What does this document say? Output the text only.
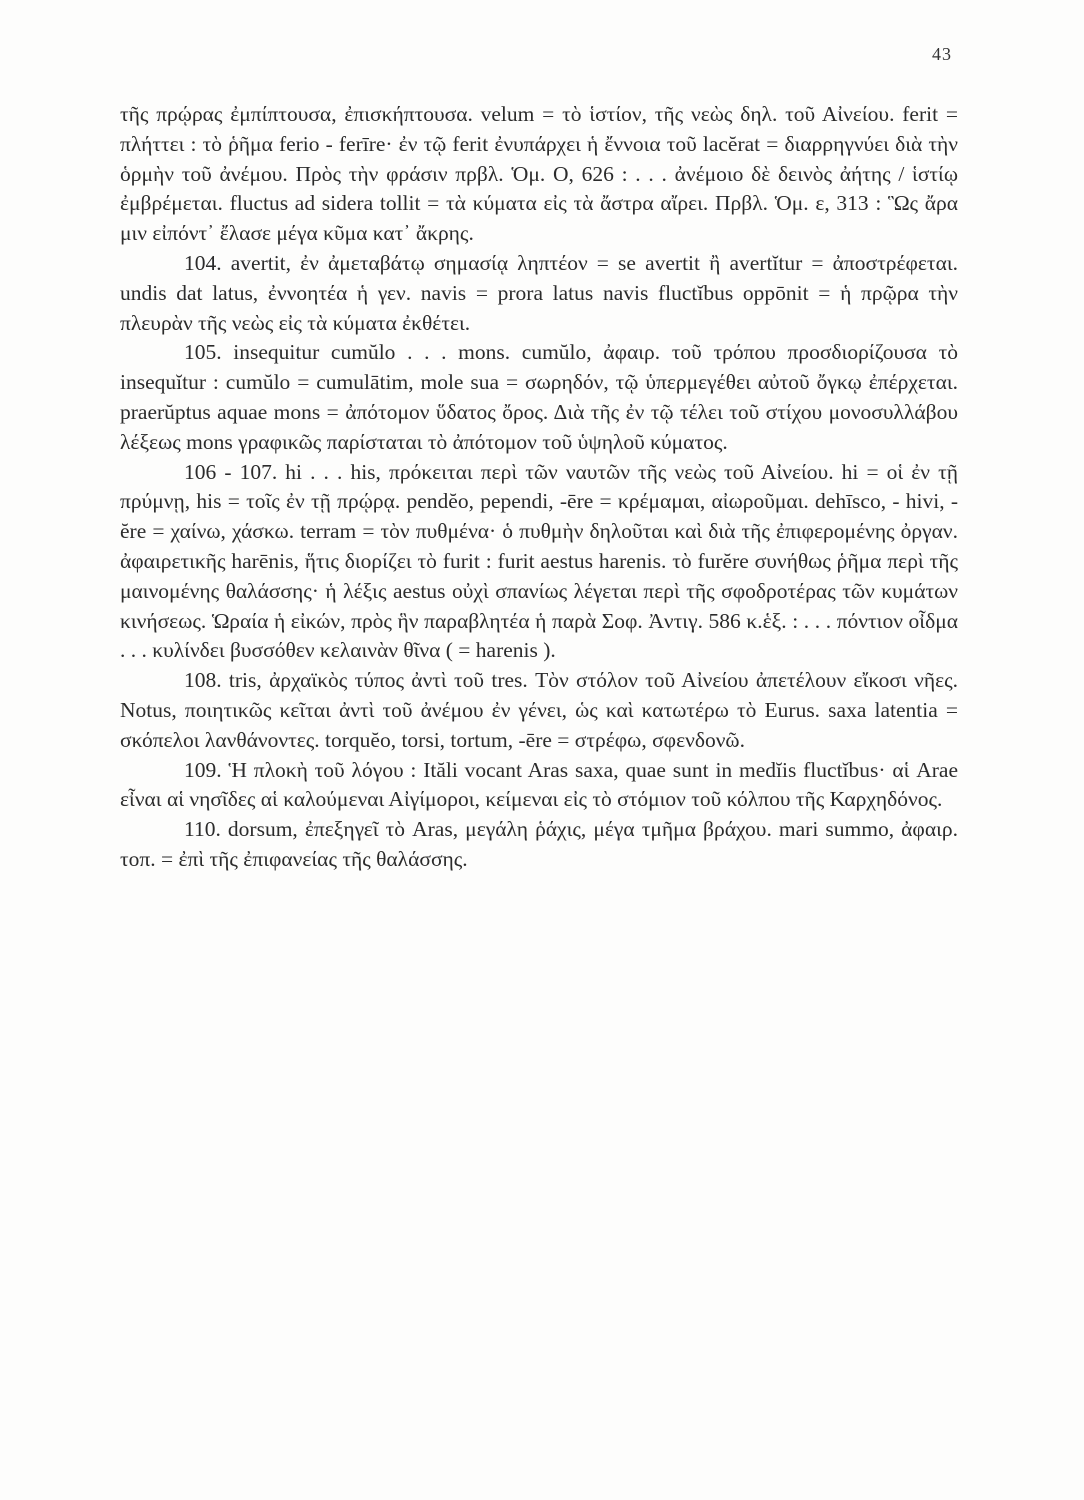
43

τῆς πρῴρας ἐμπίπτουσα, ἐπισκήπτουσα. velum = τὸ ἱστίον, τῆς νεὼς δηλ. τοῦ Αἰνείου. ferit = πλήττει : τὸ ῥῆμα ferio - ferīre· ἐν τῷ ferit ἐνυπάρχει ἡ ἔννοια τοῦ lacĕrat = διαρρηγνύει διὰ τὴν ὁρμὴν τοῦ ἀνέμου. Πρὸς τὴν φράσιν πρβλ. Ὁμ. Ο, 626 : . . . ἀνέμοιο δὲ δεινὸς ἀήτης / ἱστίῳ ἐμβρέμεται. fluctus ad sidera tollit = τὰ κύματα εἰς τὰ ἄστρα αἴρει. Πρβλ. Ὁμ. ε, 313 : Ὣς ἄρα μιν εἰπόντ᾽ ἔλασε μέγα κῦμα κατ᾽ ἄκρης.

104. avertit, ἐν ἀμεταβάτῳ σημασίᾳ ληπτέον = se avertit ἢ avertĭtur = ἀποστρέφεται. undis dat latus, ἐννοητέα ἡ γεν. navis = prora latus navis fluctĭbus oppōnit = ἡ πρῷρα τὴν πλευρὰν τῆς νεὼς εἰς τὰ κύματα ἐκθέτει.

105. insequitur cumŭlo . . . mons. cumŭlo, ἀφαιρ. τοῦ τρόπου προσδιορίζουσα τὸ insequĭtur : cumŭlo = cumulātim, mole sua = σωρηδόν, τῷ ὑπερμεγέθει αὐτοῦ ὄγκῳ ἐπέρχεται. praerŭptus aquae mons = ἀπότομον ὕδατος ὄρος. Διὰ τῆς ἐν τῷ τέλει τοῦ στίχου μονοσυλλάβου λέξεως mons γραφικῶς παρίσταται τὸ ἀπότομον τοῦ ὑψηλοῦ κύματος.

106 - 107. hi . . . his, πρόκειται περὶ τῶν ναυτῶν τῆς νεὼς τοῦ Αἰνείου. hi = οἱ ἐν τῇ πρύμνῃ, his = τοῖς ἐν τῇ πρῴρᾳ. pendĕo, pependi, -ēre = κρέμαμαι, αἰωροῦμαι. dehīsco, - hivi, - ĕre = χαίνω, χάσκω. terram = τὸν πυθμένα· ὁ πυθμὴν δηλοῦται καὶ διὰ τῆς ἐπιφερομένης ὀργαν. ἀφαιρετικῆς harēnis, ἥτις διορίζει τὸ furit : furit aestus harenis. τὸ furĕre συνήθως ῥῆμα περὶ τῆς μαινομένης θαλάσσης· ἡ λέξις aestus οὐχὶ σπανίως λέγεται περὶ τῆς σφοδροτέρας τῶν κυμάτων κινήσεως. Ὡραία ἡ εἰκών, πρὸς ἣν παραβλητέα ἡ παρὰ Σοφ. Ἀντιγ. 586 κ.ἑξ. : . . . πόντιον οἶδμα . . . κυλίνδει βυσσόθεν κελαινὰν θῖνα ( = harenis ).

108. tris, ἀρχαϊκὸς τύπος ἀντὶ τοῦ tres. Τὸν στόλον τοῦ Αἰνείου ἀπετέλουν εἴκοσι νῆες. Notus, ποιητικῶς κεῖται ἀντὶ τοῦ ἀνέμου ἐν γένει, ὡς καὶ κατωτέρω τὸ Eurus. saxa latentia = σκόπελοι λανθάνοντες. torquĕo, torsi, tortum, -ēre = στρέφω, σφενδονῶ.

109. Ἡ πλοκὴ τοῦ λόγου : Ităli vocant Aras saxa, quae sunt in medĭis fluctĭbus· αἱ Arae εἶναι αἱ νησῖδες αἱ καλούμεναι Αἰγίμοροι, κείμεναι εἰς τὸ στόμιον τοῦ κόλπου τῆς Καρχηδόνος.

110. dorsum, ἐπεξηγεῖ τὸ Aras, μεγάλη ῥάχις, μέγα τμῆμα βράχου. mari summo, ἀφαιρ. τοπ. = ἐπὶ τῆς ἐπιφανείας τῆς θαλάσσης.
